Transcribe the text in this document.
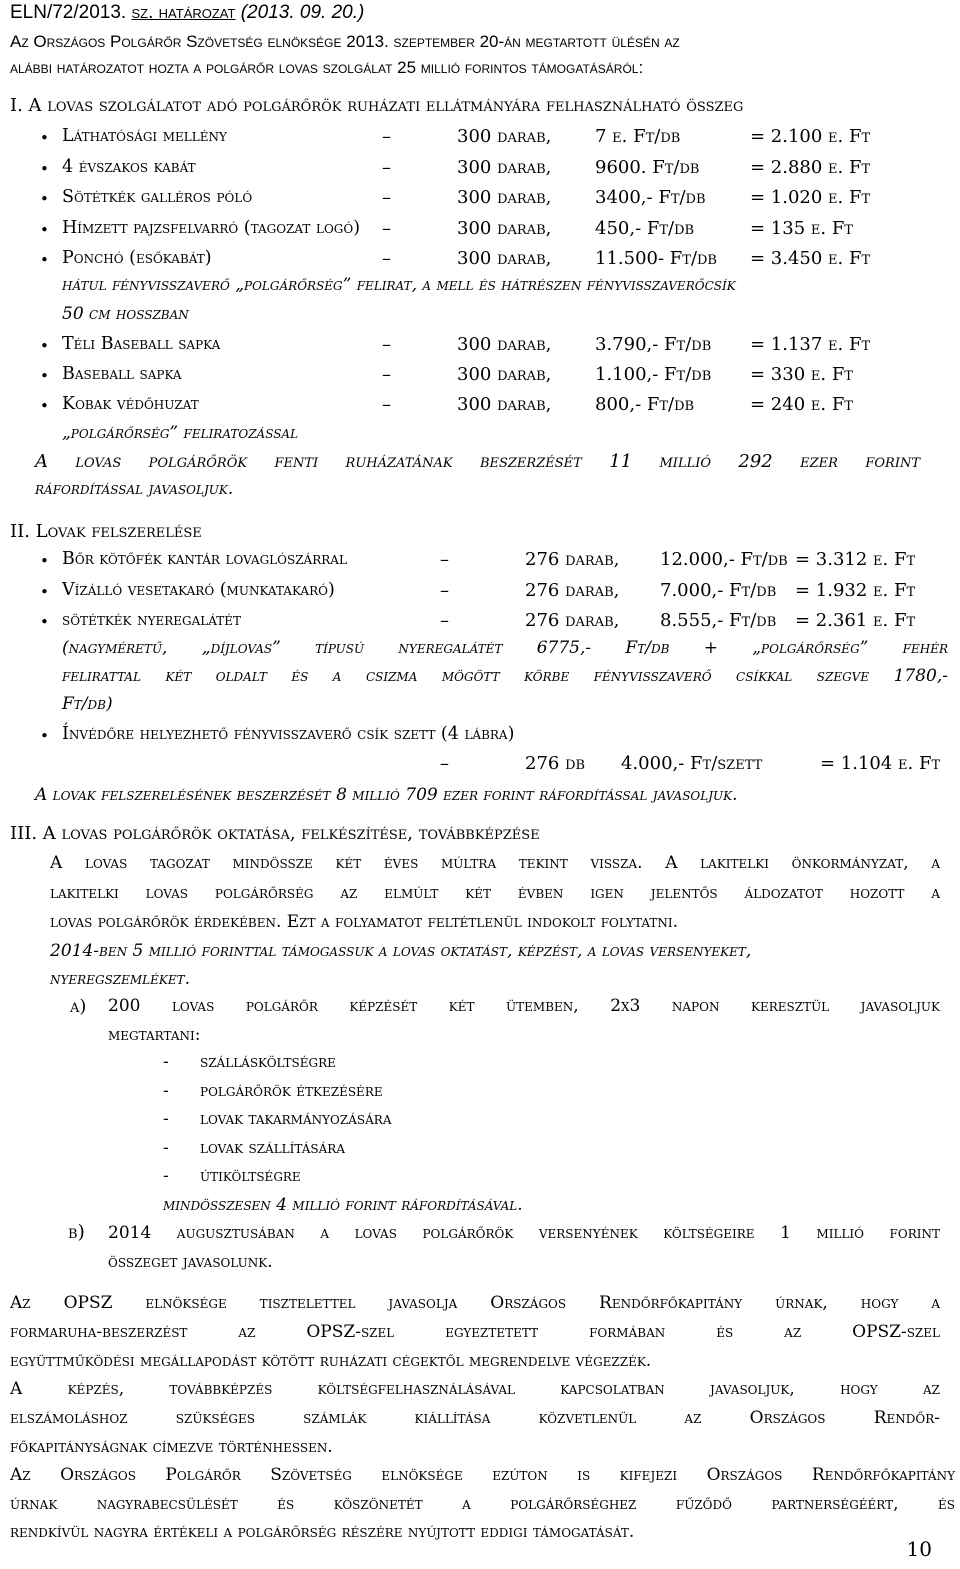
ELN/72/2013. sz. határozat (2013. 09. 20.)
Az Országos Polgárőr Szövetség elnöksége 2013. szeptember 20-án megtartott ülésén az
alábbi határozatot hozta a polgárőr lovas szolgálat 25 millió forintos támogatásáról:
I. A lovas szolgálatot adó polgárőrök ruházati ellátmányára felhasználható összeg
• Láthatósági mellény	–	300 darab, 7 e. Ft/db	= 2.100 e. Ft
• 4 évszakos kabát	–	300 darab, 9600. Ft/db	= 2.880 e. Ft
• Sötétkék galléros póló	–	300 darab, 3400,- Ft/db = 1.020 e. Ft
• Hímzett pajzsfelvarró (tagozat logó) –	300 darab, 450,- Ft/db	= 135 e. Ft
• Ponchó (esőkabát)	–	300 darab, 11.500- Ft/db = 3.450 e. Ft
hátul fényvisszaverő „polgárőrség” felirat, a mell és hátrészen fényvisszaverőcsík
50 cm hosszban
• Téli Baseball sapka	–	300 darab, 3.790,- Ft/db = 1.137 e. Ft
• Baseball sapka	–	300 darab, 1.100,- Ft/db = 330 e. Ft
• Kobak védőhuzat	–	300 darab, 800,- Ft/db	= 240 e. Ft
„polgárőrség” feliratozással
A lovas polgárőrök fenti ruházatának beszerzését 11 millió 292 ezer forint
ráfordítással javasoljuk.
II. Lovak felszerelése
• Bőr kötőfék kantár lovaglószárral	–	276 darab, 12.000,- Ft/db = 3.312 e. Ft
• Vízálló vesetakaró (munkatakaró)	–	276 darab, 7.000,- Ft/db = 1.932 e. Ft
• sötétkék nyeregalátét	–	276 darab, 8.555,- Ft/db = 2.361 e. Ft
(nagyméretű, „díjlovas” típusú nyeregalátét 6775,- Ft/db + „polgárőrség” fehér
felirattal két oldalt és a csizma mögött körbe fényvisszaverő csíkkal szegve 1780,-
Ft/db)
• Ínvédőre helyezhető fényvisszaverő csík szett (4 lábra)
–	276 db 4.000,- Ft/szett	= 1.104 e. Ft
A lovak felszerelésének beszerzését 8 millió 709 ezer forint ráfordítással javasoljuk.
III. A lovas polgárőrök oktatása, felkészítése, továbbképzése
A lovas tagozat mindössze két éves múltra tekint vissza. A lakitelki önkormányzat, a
lakitelki lovas polgárőrség az elmúlt két évben igen jelentős áldozatot hozott a
lovas polgárőrök érdekében. Ezt a folyamatot feltétlenül indokolt folytatni.
2014-ben 5 millió forinttal támogassuk a lovas oktatást, képzést, a lovas versenyeket,
nyeregszemléket.
a) 200 lovas polgárőr képzését két ütemben, 2x3 napon keresztül javasoljuk
megtartani:
- szállásköltségre
- polgárőrök étkezésére
- lovak takarmányozására
- lovak szállítására
- útiköltségre
mindösszesen 4 millió forint ráfordításával.
b) 2014 augusztusában a lovas polgárőrök versenyének költségeire 1 millió forint
összeget javasolunk.
Az OPSZ elnöksége tisztelettel javasolja Országos Rendőrfőkapitány úrnak, hogy a
formaruha-beszerzést az OPSZ-szel egyeztetett formában és az OPSZ-szel
együttműködési megállapodást kötött ruházati cégektől megrendelve végezzék.
A képzés, továbbképzés költségfelhasználásával kapcsolatban javasoljuk, hogy az
elszámoláshoz szükséges számlák kiállítása közvetlenül az Országos Rendőr-
főkapitányságnak címezve történhessen.
Az Országos Polgárőr Szövetség elnöksége ezúton is kifejezi Országos Rendőrfőkapitány
úrnak nagyrabecsülését és köszönetét a polgárőrséghez fűződő partnerségéért, és
rendkívül nagyra értékeli a polgárőrség részére nyújtott eddigi támogatását.
10
